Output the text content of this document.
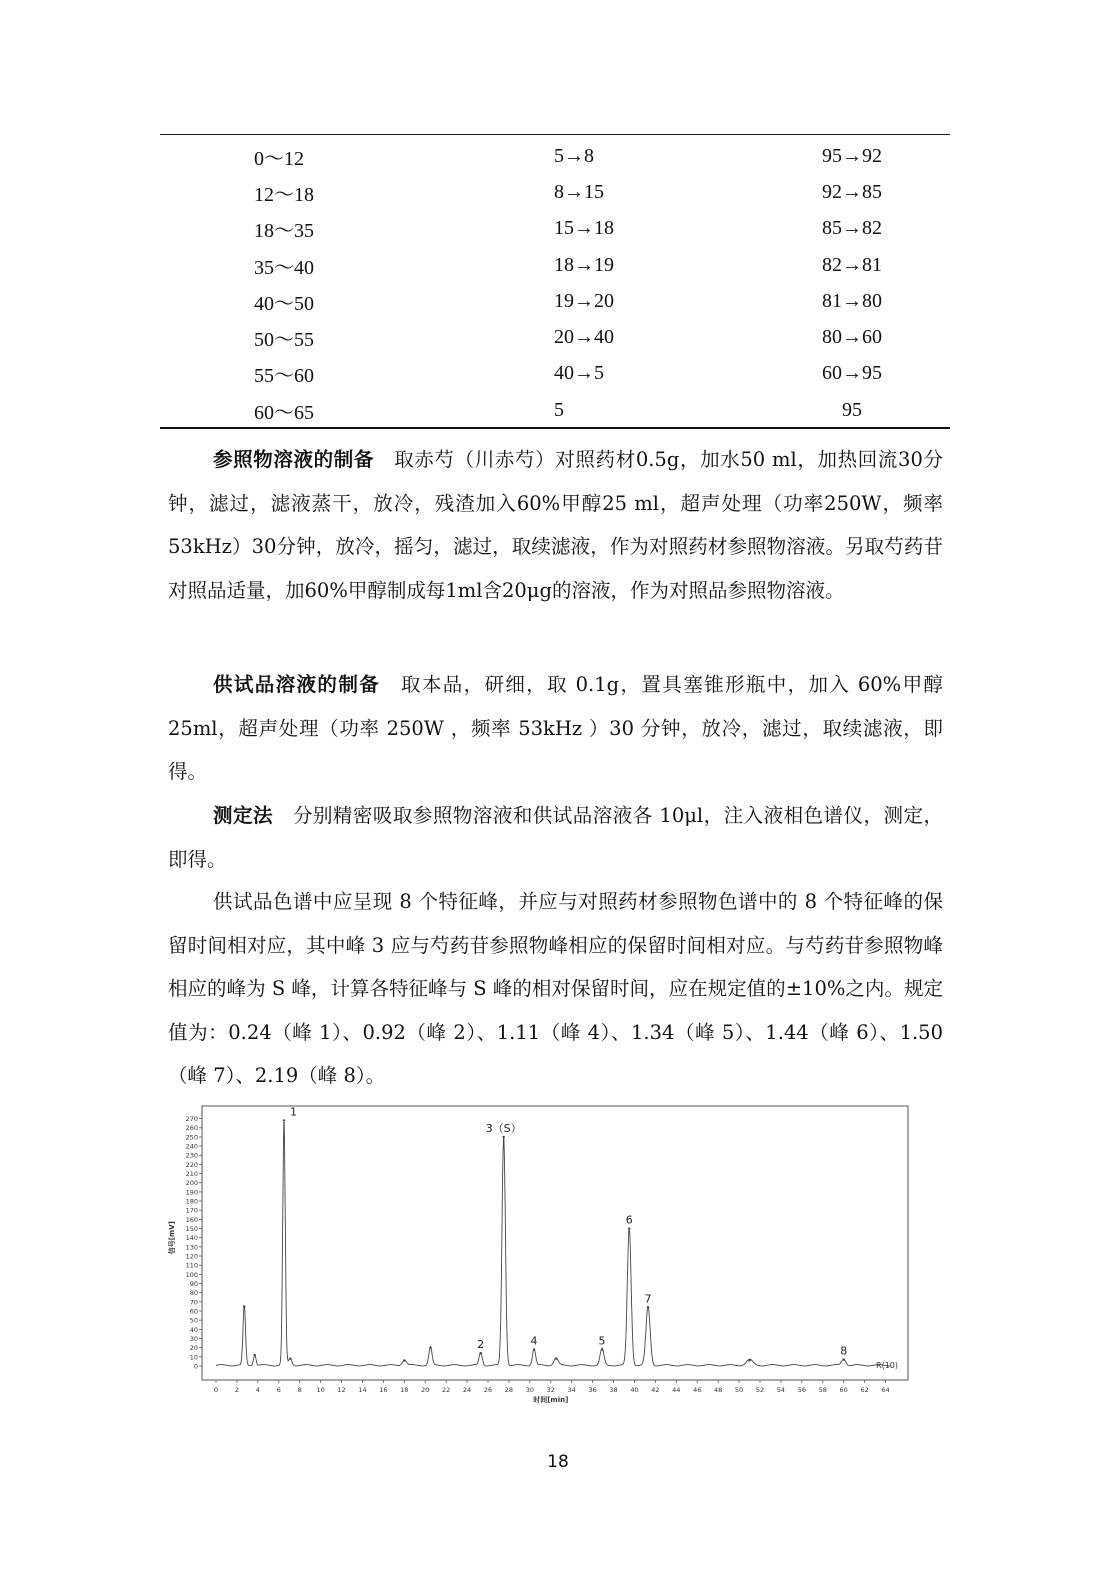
0～12	5→8	95→92
12～18	8→15	92→85
18～35	15→18	85→82
35～40	18→19	82→81
40～50	19→20	81→80
50～55	20→40	80→60
55～60	40→5	60→95
60～65	5	95

参照物溶液的制备　取赤芍（川赤芍）对照药材0.5g，加水50 ml，加热回流30分钟，滤过，滤液蒸干，放冷，残渣加入60%甲醇25 ml，超声处理（功率250W，频率53kHz）30分钟，放冷，摇匀，滤过，取续滤液，作为对照药材参照物溶液。另取芍药苷对照品适量，加60%甲醇制成每1ml含20μg的溶液，作为对照品参照物溶液。

供试品溶液的制备　取本品，研细，取 0.1g，置具塞锥形瓶中，加入 60%甲醇 25ml，超声处理（功率 250W ，频率 53kHz ）30 分钟，放冷，滤过，取续滤液，即得。

测定法　分别精密吸取参照物溶液和供试品溶液各 10μl，注入液相色谱仪，测定，即得。

供试品色谱中应呈现 8 个特征峰，并应与对照药材参照物色谱中的 8 个特征峰的保留时间相对应，其中峰 3 应与芍药苷参照物峰相应的保留时间相对应。与芍药苷参照物峰相应的峰为 S 峰，计算各特征峰与 S 峰的相对保留时间，应在规定值的±10%之内。规定值为：0.24（峰 1）、0.92（峰 2）、1.11（峰 4）、1.34（峰 5）、1.44（峰 6）、1.50（峰 7）、2.19（峰 8）。

0
10
20
30
40
50
60
70
80
90
100
110
120
130
140
150
160
170
180
190
200
210
220
230
240
250
260
270
0	2	4	6	8 10 12 14 16 18 20 22 24 26 28 30 32 34 36 38 40 42 44 46 48 50 52 54 56 58 60 62 64
时间[min]
信号[mV]
1
2
3（S）
4	5
6
7
8
R(10)
18
